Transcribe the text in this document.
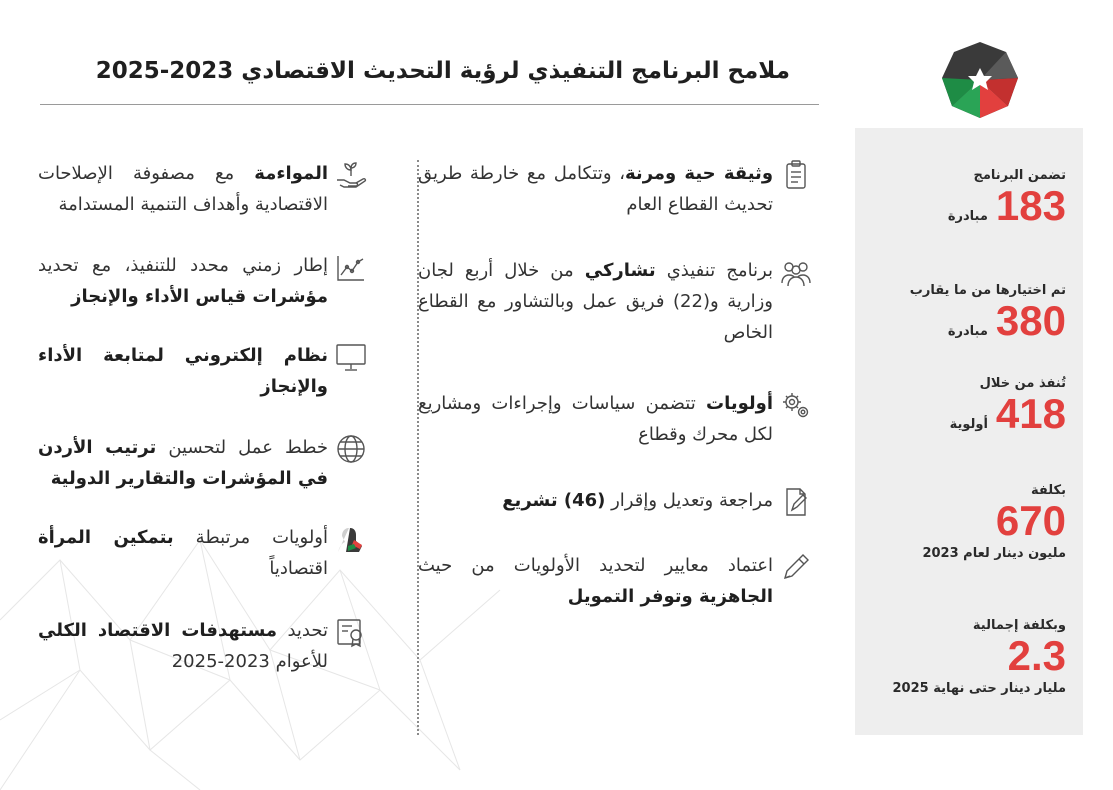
ملامح البرنامج التنفيذي لرؤية التحديث الاقتصادي 2023-2025
تضمن البرنامج
183
مبادرة
تم اختيارها من ما يقارب
380
مبادرة
تُنفذ من خلال
418
أولوية
بكلفة
670
مليون دينار لعام 2023
وبكلفة إجمالية
2.3
مليار دينار حتى نهاية 2025
وثيقة حية ومرنة، وتتكامل مع خارطة طريق تحديث القطاع العام
برنامج تنفيذي تشاركي من خلال أربع لجان وزارية و(22) فريق عمل وبالتشاور مع القطاع الخاص
أولويات تتضمن سياسات وإجراءات ومشاريع لكل محرك وقطاع
مراجعة وتعديل وإقرار (46) تشريع
اعتماد معايير لتحديد الأولويات من حيث الجاهزية وتوفر التمويل
المواءمة مع مصفوفة الإصلاحات الاقتصادية وأهداف التنمية المستدامة
إطار زمني محدد للتنفيذ، مع تحديد مؤشرات قياس الأداء والإنجاز
نظام إلكتروني لمتابعة الأداء والإنجاز
خطط عمل لتحسين ترتيب الأردن في المؤشرات والتقارير الدولية
أولويات مرتبطة بتمكين المرأة اقتصادياً
تحديد مستهدفات الاقتصاد الكلي للأعوام 2023-2025
